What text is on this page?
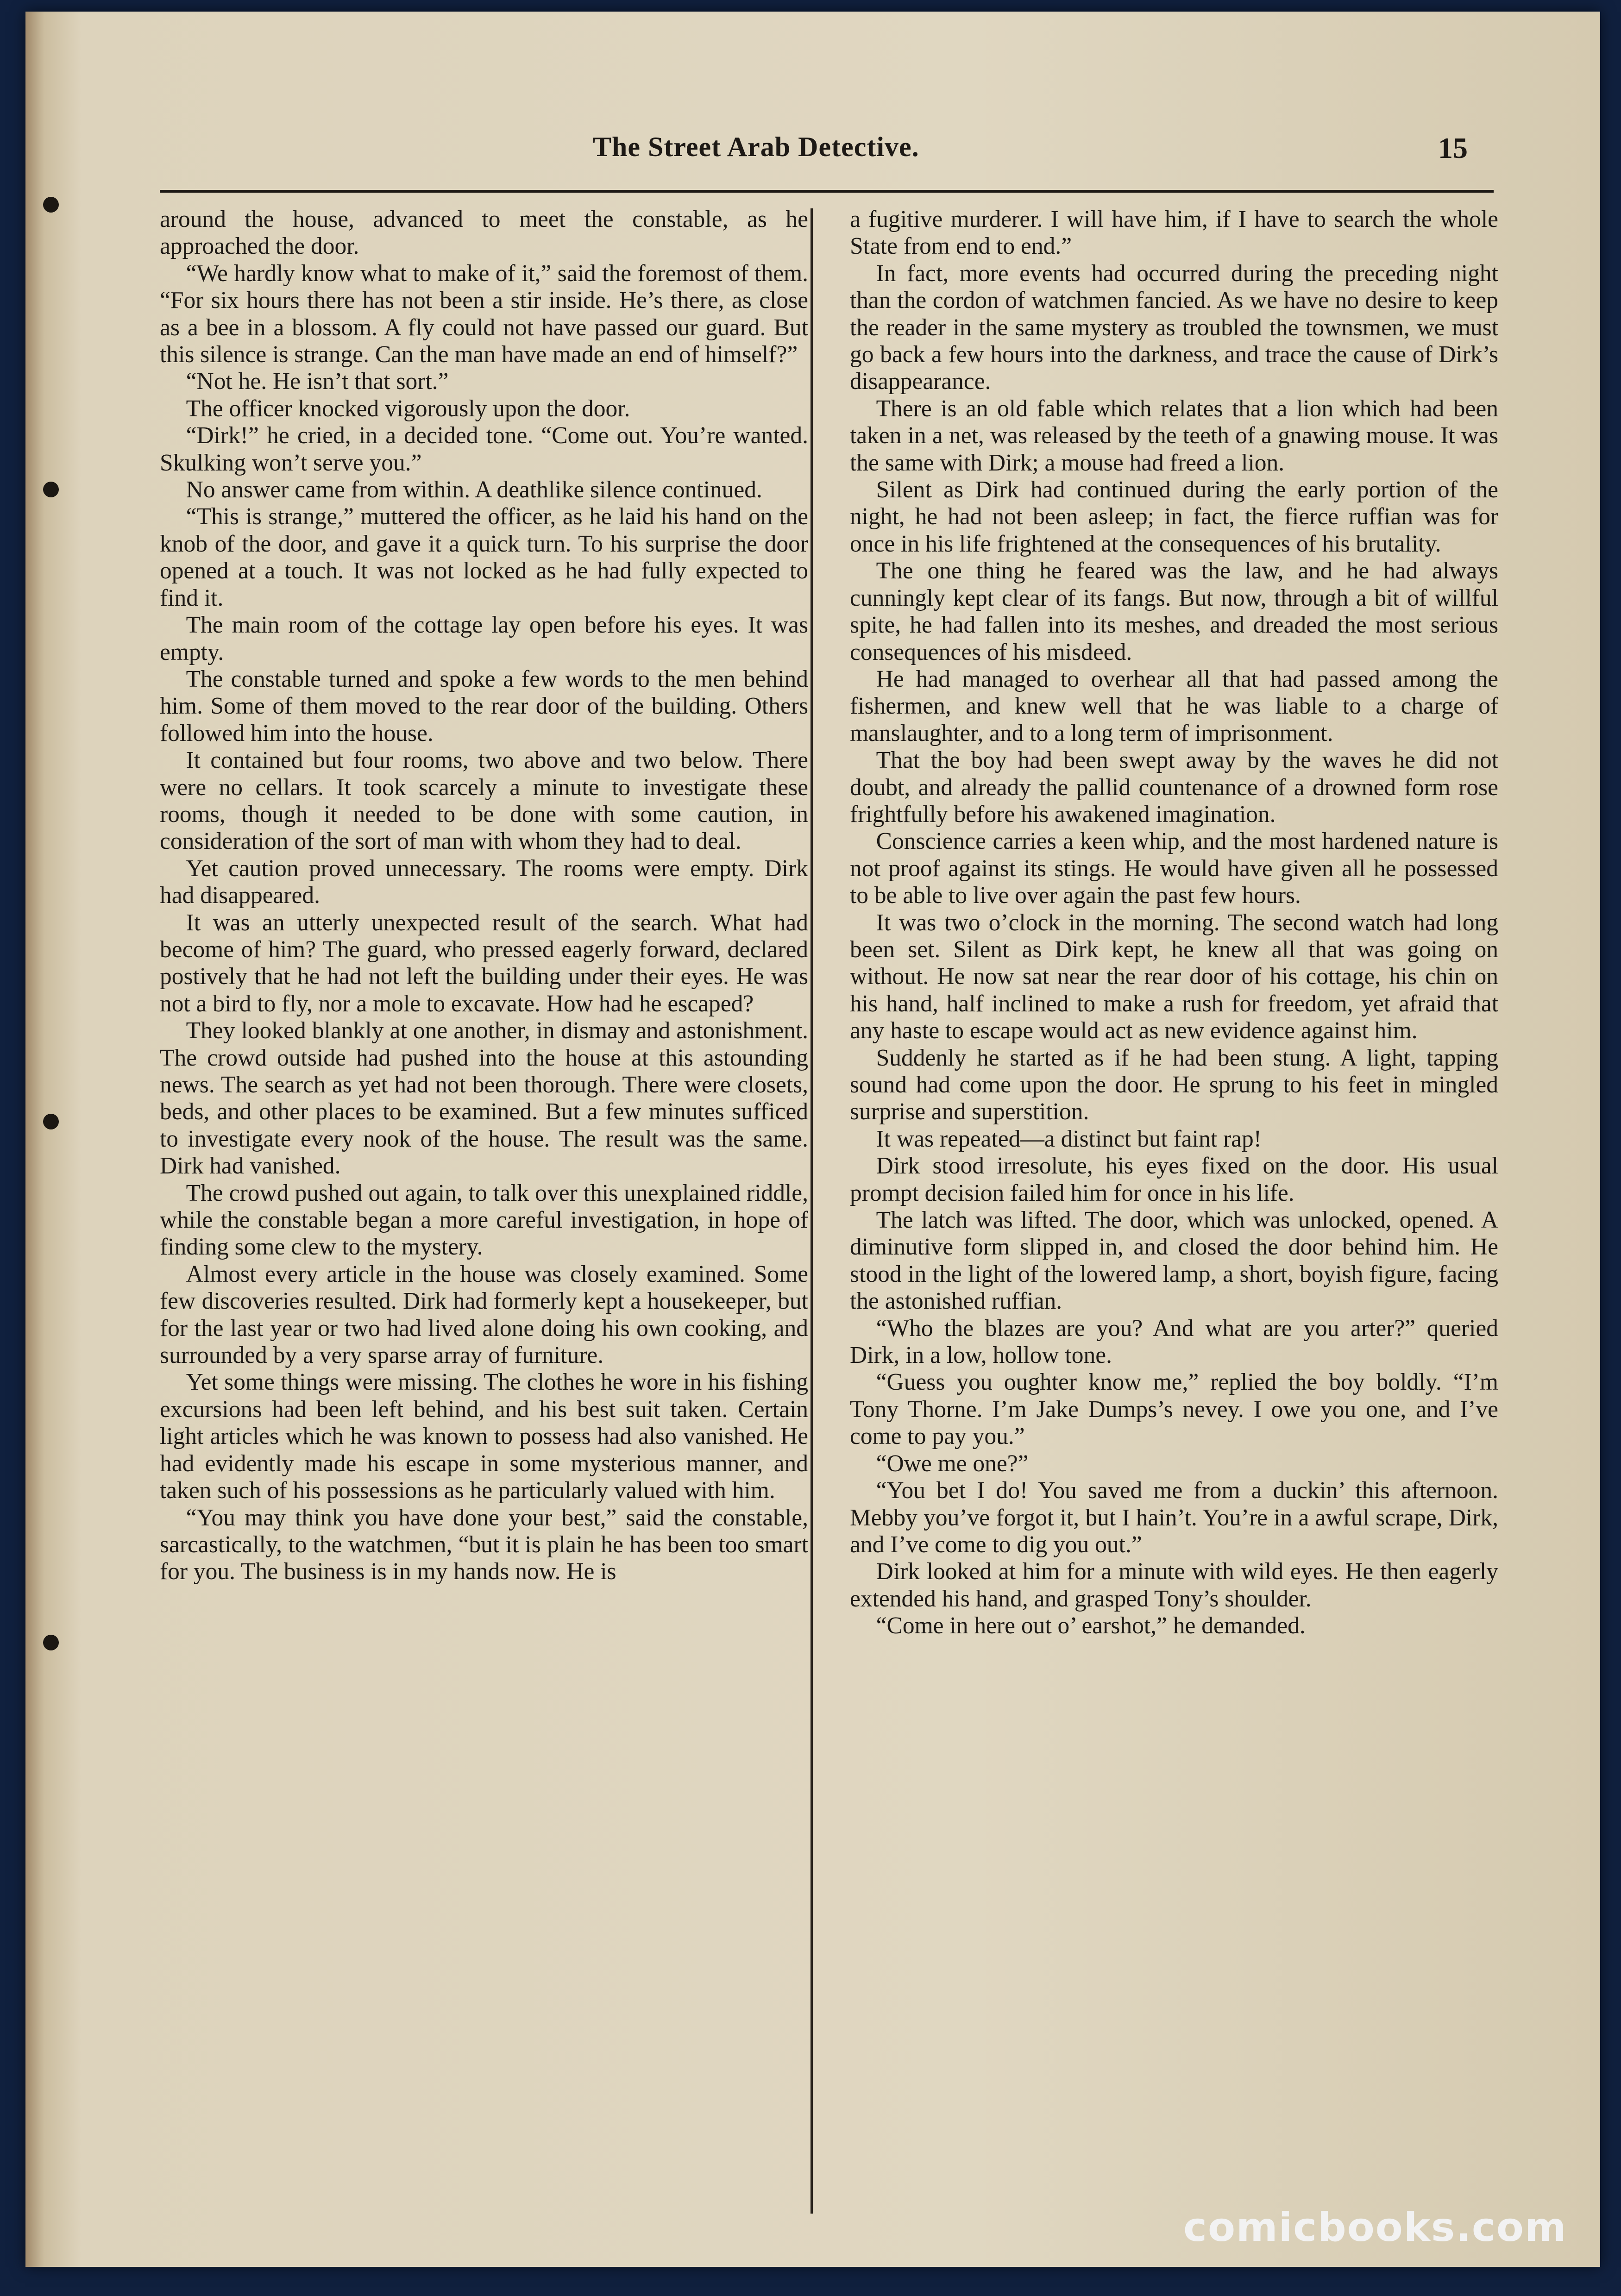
The Street Arab Detective.	15

around the house, advanced to meet the constable, as he approached the door.

“We hardly know what to make of it,” said the foremost of them. “For six hours there has not been a stir inside. He’s there, as close as a bee in a blossom. A fly could not have passed our guard. But this silence is strange. Can the man have made an end of himself?”

“Not he. He isn’t that sort.”

The officer knocked vigorously upon the door.

“Dirk!” he cried, in a decided tone. “Come out. You’re wanted. Skulking won’t serve you.”

No answer came from within. A deathlike silence continued.

“This is strange,” muttered the officer, as he laid his hand on the knob of the door, and gave it a quick turn. To his surprise the door opened at a touch. It was not locked as he had fully expected to find it.

The main room of the cottage lay open before his eyes. It was empty.

The constable turned and spoke a few words to the men behind him. Some of them moved to the rear door of the building. Others followed him into the house.

It contained but four rooms, two above and two below. There were no cellars. It took scarcely a minute to investigate these rooms, though it needed to be done with some caution, in consideration of the sort of man with whom they had to deal.

Yet caution proved unnecessary. The rooms were empty. Dirk had disappeared.

It was an utterly unexpected result of the search. What had become of him? The guard, who pressed eagerly forward, declared postively that he had not left the building under their eyes. He was not a bird to fly, nor a mole to excavate. How had he escaped?

They looked blankly at one another, in dismay and astonishment. The crowd outside had pushed into the house at this astounding news. The search as yet had not been thorough. There were closets, beds, and other places to be examined. But a few minutes sufficed to investigate every nook of the house. The result was the same. Dirk had vanished.

The crowd pushed out again, to talk over this unexplained riddle, while the constable began a more careful investigation, in hope of finding some clew to the mystery.

Almost every article in the house was closely examined. Some few discoveries resulted. Dirk had formerly kept a housekeeper, but for the last year or two had lived alone doing his own cooking, and surrounded by a very sparse array of furniture.

Yet some things were missing. The clothes he wore in his fishing excursions had been left behind, and his best suit taken. Certain light articles which he was known to possess had also vanished. He had evidently made his escape in some mysterious manner, and taken such of his possessions as he particularly valued with him.

“You may think you have done your best,” said the constable, sarcastically, to the watchmen, “but it is plain he has been too smart for you. The business is in my hands now. He is

a fugitive murderer. I will have him, if I have to search the whole State from end to end.”

In fact, more events had occurred during the preceding night than the cordon of watchmen fancied. As we have no desire to keep the reader in the same mystery as troubled the townsmen, we must go back a few hours into the darkness, and trace the cause of Dirk’s disappearance.

There is an old fable which relates that a lion which had been taken in a net, was released by the teeth of a gnawing mouse. It was the same with Dirk; a mouse had freed a lion.

Silent as Dirk had continued during the early portion of the night, he had not been asleep; in fact, the fierce ruffian was for once in his life frightened at the consequences of his brutality.

The one thing he feared was the law, and he had always cunningly kept clear of its fangs. But now, through a bit of willful spite, he had fallen into its meshes, and dreaded the most serious consequences of his misdeed.

He had managed to overhear all that had passed among the fishermen, and knew well that he was liable to a charge of manslaughter, and to a long term of imprisonment.

That the boy had been swept away by the waves he did not doubt, and already the pallid countenance of a drowned form rose frightfully before his awakened imagination.

Conscience carries a keen whip, and the most hardened nature is not proof against its stings. He would have given all he possessed to be able to live over again the past few hours.

It was two o’clock in the morning. The second watch had long been set. Silent as Dirk kept, he knew all that was going on without. He now sat near the rear door of his cottage, his chin on his hand, half inclined to make a rush for freedom, yet afraid that any haste to escape would act as new evidence against him.

Suddenly he started as if he had been stung. A light, tapping sound had come upon the door. He sprung to his feet in mingled surprise and superstition.

It was repeated—a distinct but faint rap!

Dirk stood irresolute, his eyes fixed on the door. His usual prompt decision failed him for once in his life.

The latch was lifted. The door, which was unlocked, opened. A diminutive form slipped in, and closed the door behind him. He stood in the light of the lowered lamp, a short, boyish figure, facing the astonished ruffian.

“Who the blazes are you? And what are you arter?” queried Dirk, in a low, hollow tone.

“Guess you oughter know me,” replied the boy boldly. “I’m Tony Thorne. I’m Jake Dumps’s nevey. I owe you one, and I’ve come to pay you.”

“Owe me one?”

“You bet I do! You saved me from a duckin’ this afternoon. Mebby you’ve forgot it, but I hain’t. You’re in a awful scrape, Dirk, and I’ve come to dig you out.”

Dirk looked at him for a minute with wild eyes. He then eagerly extended his hand, and grasped Tony’s shoulder.

“Come in here out o’ earshot,” he demanded.

comicbooks.com
